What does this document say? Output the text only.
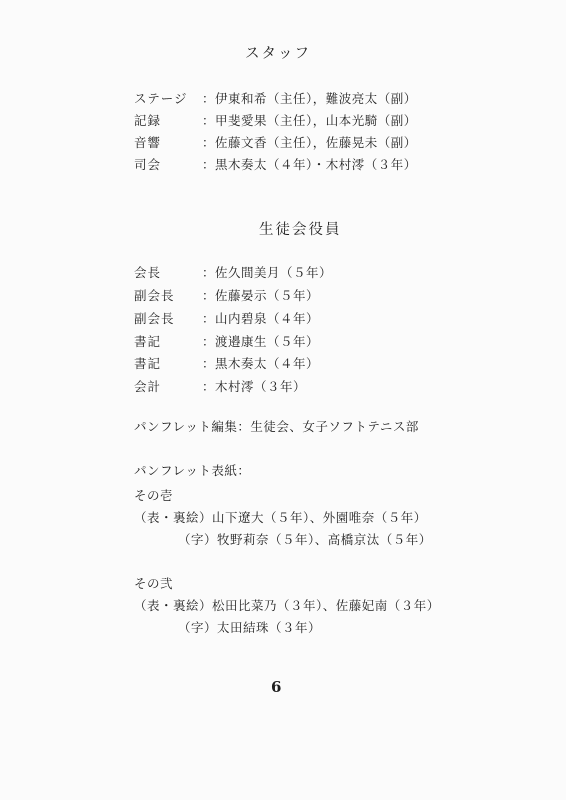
スタッフ
ステージ ：伊東和希（主任），難波亮太（副）
記録	：甲斐愛果（主任），山本光騎（副）
音響	：佐藤文香（主任），佐藤晃未（副）
司会	：黒木奏太（４年）・木村澪（３年）
生徒会役員
会長	：佐久間美月（５年）
副会長 ：佐藤晏示（５年）
副会長 ：山内碧泉（４年）
書記	：渡邉康生（５年）
書記	：黒木奏太（４年）
会計	：木村澪（３年）
パンフレット編集：生徒会、女子ソフトテニス部
パンフレット表紙：
その壱
（表・裏絵）山下遼大（５年）、外園唯奈（５年）
（字）牧野莉奈（５年）、高橋京汰（５年）
その弐
（表・裏絵）松田比菜乃（３年）、佐藤妃南（３年）
（字）太田結珠（３年）
6
